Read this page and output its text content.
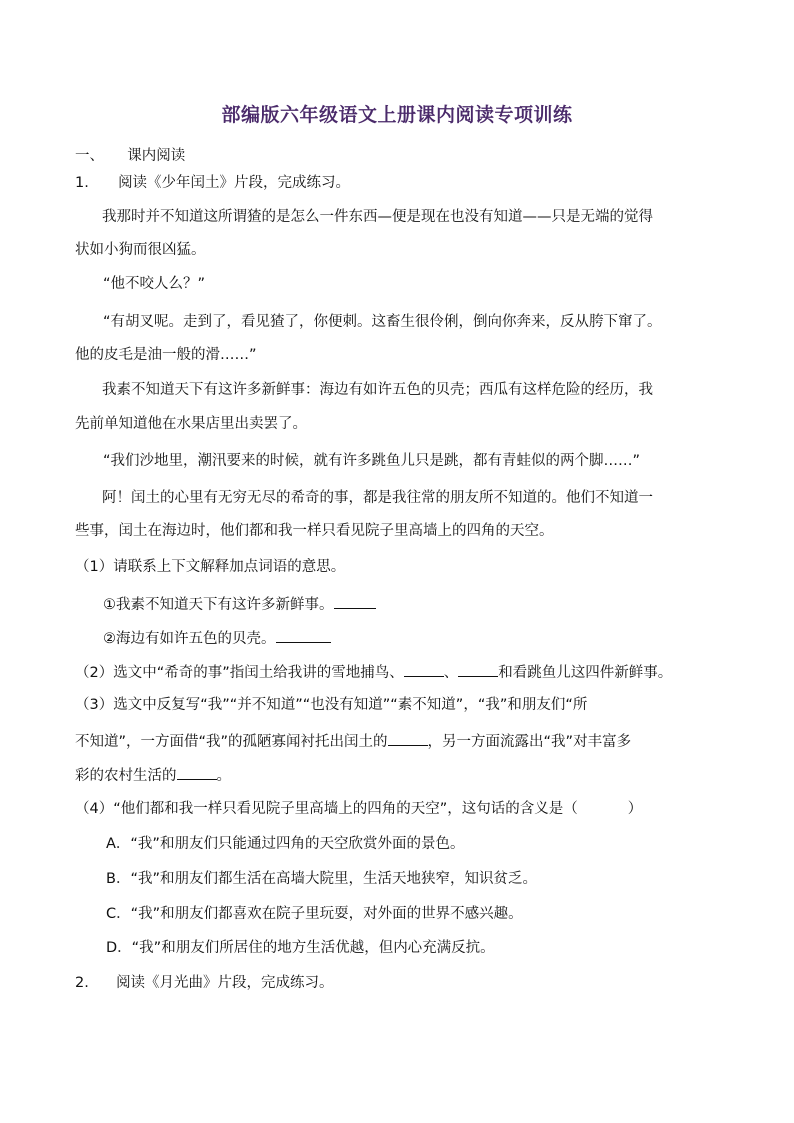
部编版六年级语文上册课内阅读专项训练
一、 课内阅读
1. 阅读《少年闰土》片段，完成练习。
我那时并不知道这所谓猹的是怎么一件东西—便是现在也没有知道——只是无端的觉得
状如小狗而很凶猛。
“他不咬人么？”
“有胡叉呢。走到了，看见猹了，你便刺。这畜生很伶俐，倒向你奔来，反从胯下窜了。
他的皮毛是油一般的滑……”
我素不知道天下有这许多新鲜事：海边有如许五色的贝壳；西瓜有这样危险的经历，我
先前单知道他在水果店里出卖罢了。
“我们沙地里，潮汛要来的时候，就有许多跳鱼儿只是跳，都有青蛙似的两个脚……”
阿！闰土的心里有无穷无尽的希奇的事，都是我往常的朋友所不知道的。他们不知道一
些事，闰土在海边时，他们都和我一样只看见院子里高墙上的四角的天空。
（1）请联系上下文解释加点词语的意思。
①我素不知道天下有这许多新鲜事。
②海边有如许五色的贝壳。
（2）选文中“希奇的事”指闰土给我讲的雪地捕鸟、	、	和看跳鱼儿这四件新鲜事。
（3）选文中反复写“我”“并不知道”“也没有知道”“素不知道”，“我”和朋友们“所
不知道”，一方面借“我”的孤陋寡闻衬托出闰土的	，另一方面流露出“我”对丰富多
彩的农村生活的	。
（4）“他们都和我一样只看见院子里高墙上的四角的天空”，这句话的含义是（	）
A．“我”和朋友们只能通过四角的天空欣赏外面的景色。
B．“我”和朋友们都生活在高墙大院里，生活天地狭窄，知识贫乏。
C．“我”和朋友们都喜欢在院子里玩耍，对外面的世界不感兴趣。
D．“我”和朋友们所居住的地方生活优越，但内心充满反抗。
2. 阅读《月光曲》片段，完成练习。
